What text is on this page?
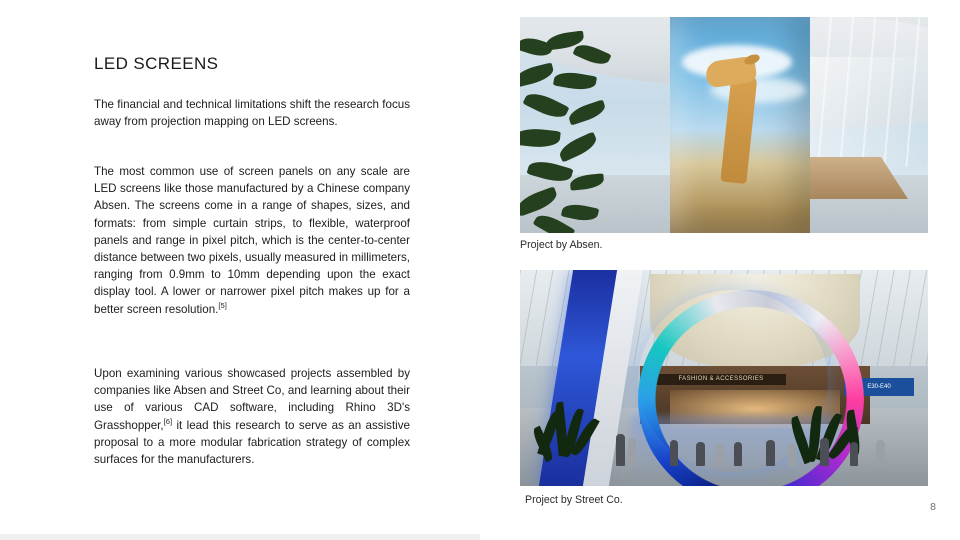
LED SCREENS
The financial and technical limitations shift the research focus away from projection mapping on LED screens.
The most common use of screen panels on any scale are LED screens like those manufactured by a Chinese company Absen. The screens come in a range of shapes, sizes, and formats: from simple curtain strips, to flexible, waterproof panels and range in pixel pitch, which is the center-to-center distance between two pixels, usually measured in millimeters, ranging from 0.9mm to 10mm depending upon the exact display tool. A lower or narrower pixel pitch makes up for a better screen resolution.[5]
Upon examining various showcased projects assembled by companies like Absen and Street Co, and learning about their use of various CAD software, including Rhino 3D's Grasshopper,[6] it lead this research to serve as an assistive proposal to a more modular fabrication strategy of complex surfaces for the manufacturers.
Project by Absen.
E30-E40
Project by Street Co.
8
